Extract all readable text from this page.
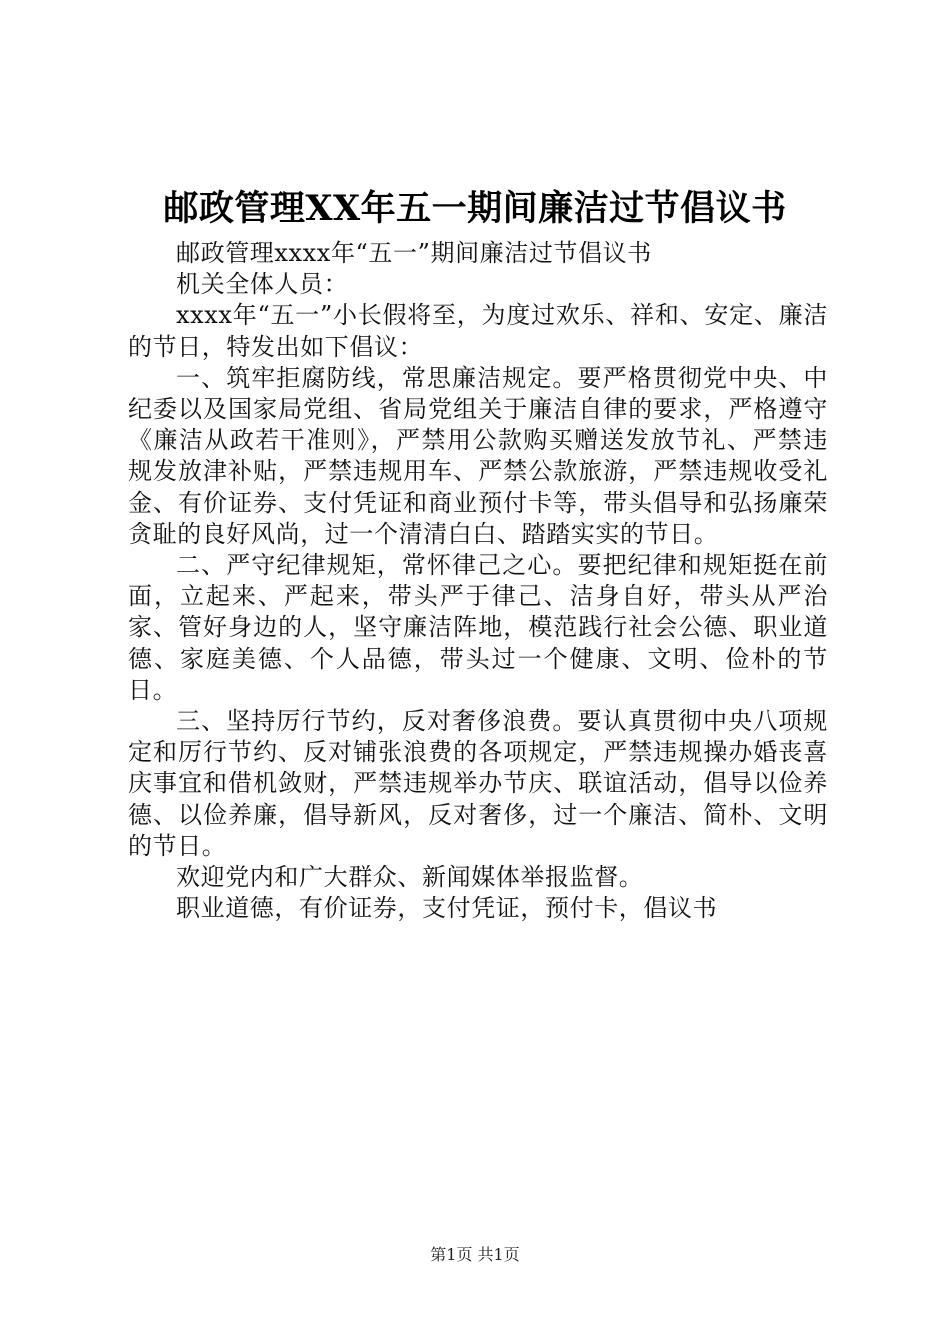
邮政管理XX年五一期间廉洁过节倡议书

邮政管理xxxx年“五一”期间廉洁过节倡议书

机关全体人员：

xxxx年“五一”小长假将至，为度过欢乐、祥和、安定、廉洁的节日，特发出如下倡议：

一、筑牢拒腐防线，常思廉洁规定。要严格贯彻党中央、中纪委以及国家局党组、省局党组关于廉洁自律的要求，严格遵守《廉洁从政若干准则》，严禁用公款购买赠送发放节礼、严禁违规发放津补贴，严禁违规用车、严禁公款旅游，严禁违规收受礼金、有价证券、支付凭证和商业预付卡等，带头倡导和弘扬廉荣贪耻的良好风尚，过一个清清白白、踏踏实实的节日。

二、严守纪律规矩，常怀律己之心。要把纪律和规矩挺在前面，立起来、严起来，带头严于律己、洁身自好，带头从严治家、管好身边的人，坚守廉洁阵地，模范践行社会公德、职业道德、家庭美德、个人品德，带头过一个健康、文明、俭朴的节日。

三、坚持厉行节约，反对奢侈浪费。要认真贯彻中央八项规定和厉行节约、反对铺张浪费的各项规定，严禁违规操办婚丧喜庆事宜和借机敛财，严禁违规举办节庆、联谊活动，倡导以俭养德、以俭养廉，倡导新风，反对奢侈，过一个廉洁、简朴、文明的节日。

欢迎党内和广大群众、新闻媒体举报监督。

职业道德，有价证券，支付凭证，预付卡，倡议书

第1页 共1页
